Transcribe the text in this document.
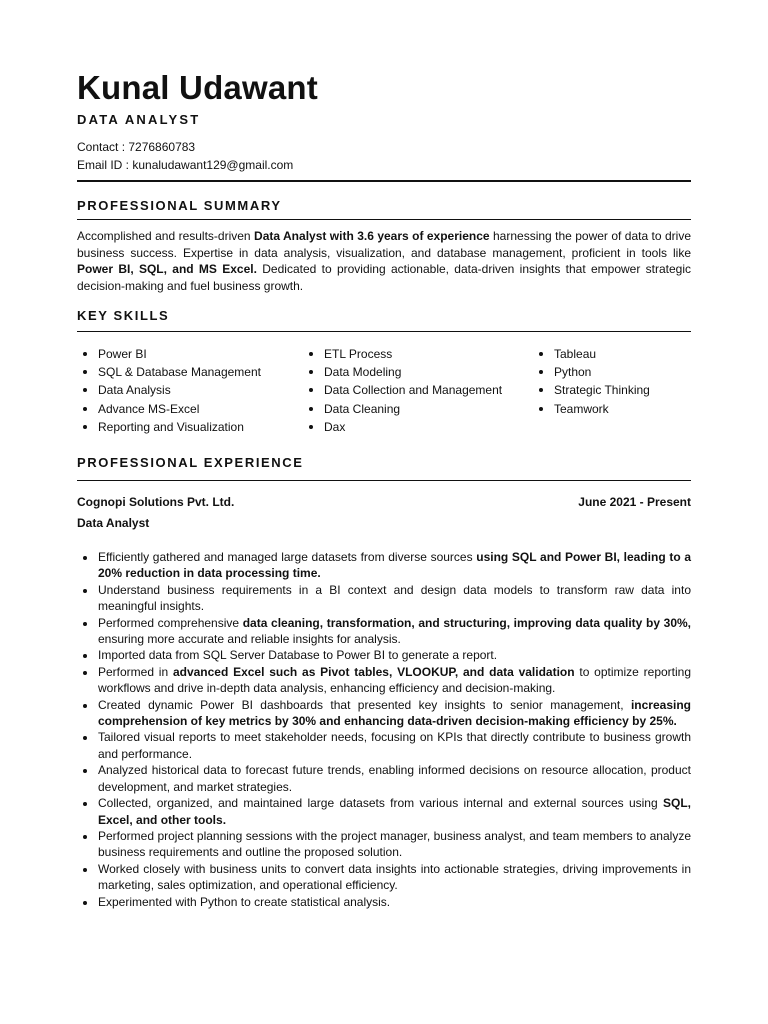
Kunal Udawant
DATA ANALYST
Contact : 7276860783
Email ID : kunaludawant129@gmail.com
PROFESSIONAL SUMMARY

Accomplished and results-driven Data Analyst with 3.6 years of experience harnessing the power of data to drive business success. Expertise in data analysis, visualization, and database management, proficient in tools like Power BI, SQL, and MS Excel. Dedicated to providing actionable, data-driven insights that empower strategic decision-making and fuel business growth.

KEY SKILLS
Power BI
SQL & Database Management
Data Analysis
Advance MS-Excel
Reporting and Visualization
ETL Process
Data Modeling
Data Collection and Management
Data Cleaning
Dax
Tableau
Python
Strategic Thinking
Teamwork
PROFESSIONAL EXPERIENCE
Cognopi Solutions Pvt. Ltd.	June 2021 - Present
Data Analyst
Efficiently gathered and managed large datasets from diverse sources using SQL and Power BI, leading to a 20% reduction in data processing time.
Understand business requirements in a BI context and design data models to transform raw data into meaningful insights.
Performed comprehensive data cleaning, transformation, and structuring, improving data quality by 30%, ensuring more accurate and reliable insights for analysis.
Imported data from SQL Server Database to Power BI to generate a report.
Performed in advanced Excel such as Pivot tables, VLOOKUP, and data validation to optimize reporting workflows and drive in-depth data analysis, enhancing efficiency and decision-making.
Created dynamic Power BI dashboards that presented key insights to senior management, increasing comprehension of key metrics by 30% and enhancing data-driven decision-making efficiency by 25%.
Tailored visual reports to meet stakeholder needs, focusing on KPIs that directly contribute to business growth and performance.
Analyzed historical data to forecast future trends, enabling informed decisions on resource allocation, product development, and market strategies.
Collected, organized, and maintained large datasets from various internal and external sources using SQL, Excel, and other tools.
Performed project planning sessions with the project manager, business analyst, and team members to analyze business requirements and outline the proposed solution.
Worked closely with business units to convert data insights into actionable strategies, driving improvements in marketing, sales optimization, and operational efficiency.
Experimented with Python to create statistical analysis.
